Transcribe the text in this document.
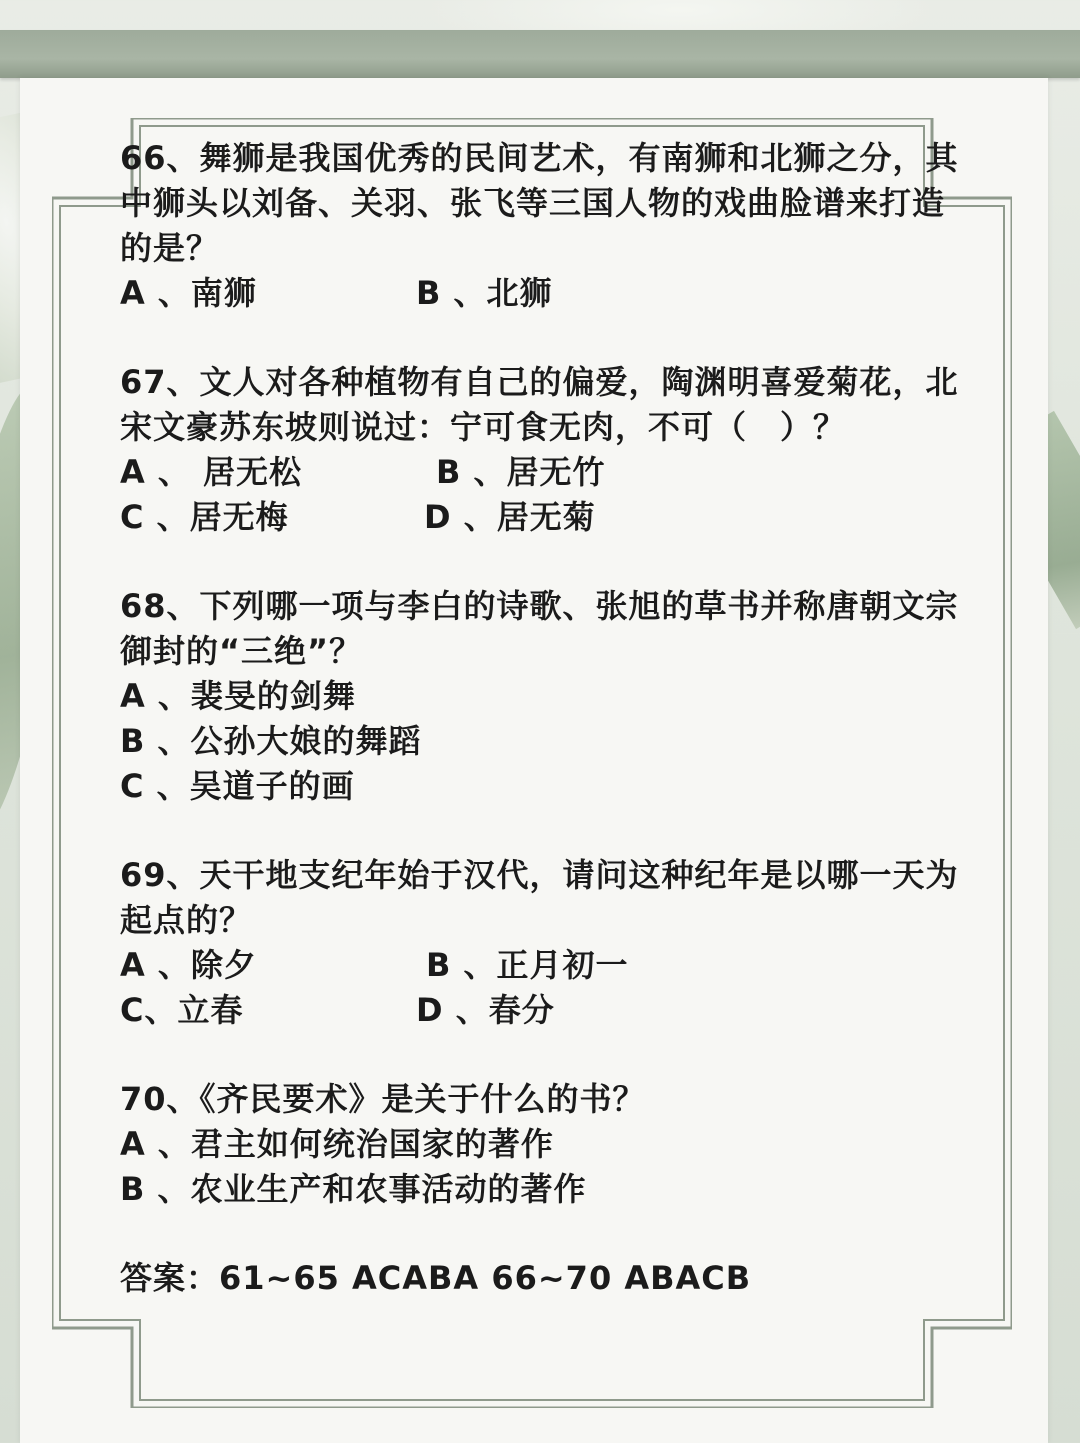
66、舞狮是我国优秀的民间艺术，有南狮和北狮之分，其
中狮头以刘备、关羽、张飞等三国人物的戏曲脸谱来打造
的是？
A 、南狮	B 、北狮
67、文人对各种植物有自己的偏爱，陶渊明喜爱菊花，北
宋文豪苏东坡则说过：宁可食无肉，不可（　）？
A 、 居无松	B 、居无竹
C 、居无梅	D 、居无菊
68、下列哪一项与李白的诗歌、张旭的草书并称唐朝文宗
御封的“三绝”？
A 、裴旻的剑舞
B 、公孙大娘的舞蹈
C 、吴道子的画
69、天干地支纪年始于汉代，请问这种纪年是以哪一天为
起点的？
A 、除夕	B 、正月初一
C、立春	D 、春分
70、《齐民要术》是关于什么的书？
A 、君主如何统治国家的著作
B 、农业生产和农事活动的著作
答案：61~65 ACABA 66~70 ABACB
